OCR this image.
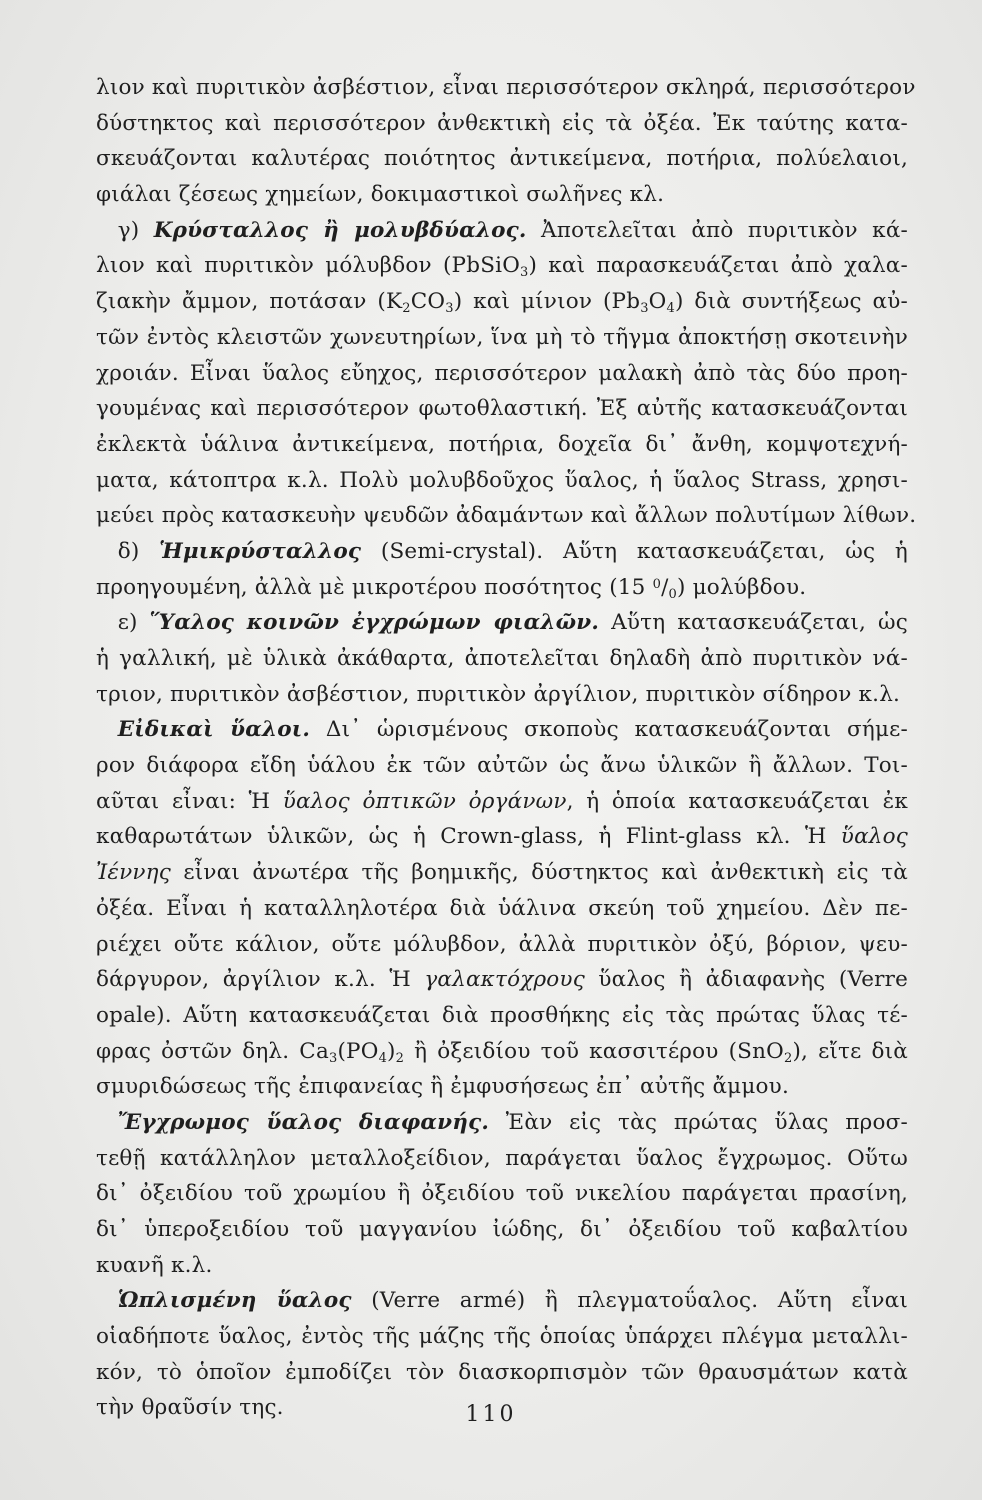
λιον καὶ πυριτικὸν ἀσβέστιον, εἶναι περισσότερον σκληρά, περισσότερον
δύστηκτος καὶ περισσότερον ἀνθεκτικὴ εἰς τὰ ὀξέα. Ἐκ ταύτης κατα-
σκευάζονται καλυτέρας ποιότητος ἀντικείμενα, ποτήρια, πολύελαιοι,
φιάλαι ζέσεως χημείων, δοκιμαστικοὶ σωλῆνες κλ.
 γ) Κρύσταλλος ἢ μολυβδύαλος. Ἀποτελεῖται ἀπὸ πυριτικὸν κά-
λιον καὶ πυριτικὸν μόλυβδον (PbSiO$_3$) καὶ παρασκευάζεται ἀπὸ χαλα-
ζιακὴν ἄμμον, ποτάσαν $(K_2CO_3)$ καὶ μίνιον $(Pb_3O_4)$ διὰ συντήξεως αὐ-
τῶν ἐντὸς κλειστῶν χωνευτηρίων, ἵνα μὴ τὸ τῆγμα ἀποκτήσῃ σκοτεινὴν
χροιάν. Εἶναι ὕαλος εὔηχος, περισσότερον μαλακὴ ἀπὸ τὰς δύο προη-
γουμένας καὶ περισσότερον φωτοθλαστική. Ἐξ αὐτῆς κατασκευάζονται
ἐκλεκτὰ ὑάλινα ἀντικείμενα, ποτήρια, δοχεῖα δι᾽ ἄνθη, κομψοτεχνή-
ματα, κάτοπτρα κ.λ. Πολὺ μολυβδοῦχος ὕαλος, ἡ ὕαλος Strass, χρησι-
μεύει πρὸς κατασκευὴν ψευδῶν ἀδαμάντων καὶ ἄλλων πολυτίμων λίθων.
 δ) Ἡμικρύσταλλος (Semi-crystal). Αὕτη κατασκευάζεται, ὡς ἡ
προηγουμένη, ἀλλὰ μὲ μικροτέρου ποσότητος (15 $^0/_0$) μολύβδου.
 ε) Ὕαλος κοινῶν ἐγχρώμων φιαλῶν. Αὕτη κατασκευάζεται, ὡς
ἡ γαλλική, μὲ ὑλικὰ ἀκάθαρτα, ἀποτελεῖται δηλαδὴ ἀπὸ πυριτικὸν νά-
τριον, πυριτικὸν ἀσβέστιον, πυριτικὸν ἀργίλιον, πυριτικὸν σίδηρον κ.λ.
 Εἰδικαὶ ὕαλοι. Δι᾽ ὡρισμένους σκοποὺς κατασκευάζονται σήμε-
ρον διάφορα εἴδη ὑάλου ἐκ τῶν αὐτῶν ὡς ἄνω ὑλικῶν ἢ ἄλλων. Τοι-
αῦται εἶναι: Ἡ ὕαλος ὀπτικῶν ὀργάνων, ἡ ὁποία κατασκευάζεται ἐκ
καθαρωτάτων ὑλικῶν, ὡς ἡ Crown-glass, ἡ Flint-glass κλ. Ἡ ὕαλος
Ἰέννης εἶναι ἀνωτέρα τῆς βοημικῆς, δύστηκτος καὶ ἀνθεκτικὴ εἰς τὰ
ὀξέα. Εἶναι ἡ καταλληλοτέρα διὰ ὑάλινα σκεύη τοῦ χημείου. Δὲν πε-
ριέχει οὔτε κάλιον, οὔτε μόλυβδον, ἀλλὰ πυριτικὸν ὀξύ, βόριον, ψευ-
δάργυρον, ἀργίλιον κ.λ. Ἡ γαλακτόχρους ὕαλος ἢ ἀδιαφανὴς (Verre
opale). Αὕτη κατασκευάζεται διὰ προσθήκης εἰς τὰς πρώτας ὕλας τέ-
φρας ὀστῶν δηλ. $Ca_3(PO_4)_2$ ἢ ὀξειδίου τοῦ κασσιτέρου (SnO$_2$), εἴτε διὰ
σμυριδώσεως τῆς ἐπιφανείας ἢ ἐμφυσήσεως ἐπ᾽ αὐτῆς ἄμμου.
 Ἔγχρωμος ὕαλος διαφανής. Ἐὰν εἰς τὰς πρώτας ὕλας προσ-
τεθῇ κατάλληλον μεταλλοξείδιον, παράγεται ὕαλος ἔγχρωμος. Οὕτω
δι᾽ ὀξειδίου τοῦ χρωμίου ἢ ὀξειδίου τοῦ νικελίου παράγεται πρασίνη,
δι᾽ ὑπεροξειδίου τοῦ μαγγανίου ἰώδης, δι᾽ ὀξειδίου τοῦ καβαλτίου
κυανῆ κ.λ.
 Ὡπλισμένη ὕαλος (Verre armé) ἢ πλεγματοΰαλος. Αὕτη εἶναι
οἱαδήποτε ὕαλος, ἐντὸς τῆς μάζης τῆς ὁποίας ὑπάρχει πλέγμα μεταλλι-
κόν, τὸ ὁποῖον ἐμποδίζει τὸν διασκορπισμὸν τῶν θραυσμάτων κατὰ
τὴν θραῦσίν της.	110
